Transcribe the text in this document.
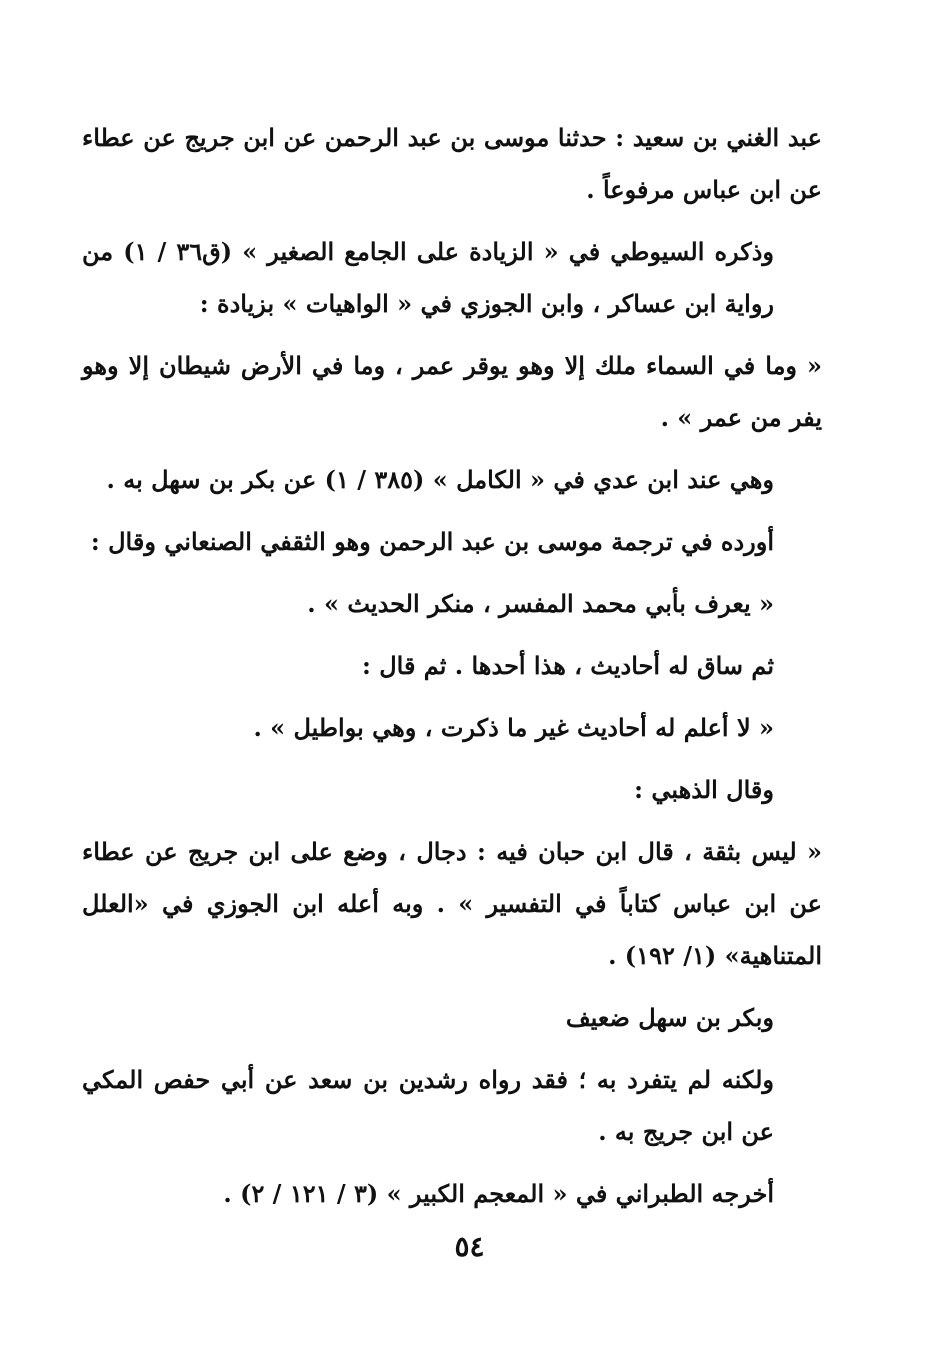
عبد الغني بن سعيد : حدثنا موسى بن عبد الرحمن عن ابن جريج عن عطاء عن ابن عباس مرفوعاً .

وذكره السيوطي في « الزيادة على الجامع الصغير » (ق٣٦ / ١) من رواية ابن عساكر ، وابن الجوزي في « الواهيات » بزيادة :

« وما في السماء ملك إلا وهو يوقر عمر ، وما في الأرض شيطان إلا وهو يفر من عمر » .

وهي عند ابن عدي في « الكامل » (٣٨٥ / ١) عن بكر بن سهل به .

أورده في ترجمة موسى بن عبد الرحمن وهو الثقفي الصنعاني وقال :

« يعرف بأبي محمد المفسر ، منكر الحديث » .

ثم ساق له أحاديث ، هذا أحدها . ثم قال :

« لا أعلم له أحاديث غير ما ذكرت ، وهي بواطيل » .

وقال الذهبي :

« ليس بثقة ، قال ابن حبان فيه : دجال ، وضع على ابن جريج عن عطاء عن ابن عباس كتاباً في التفسير » . وبه أعله ابن الجوزي في «العلل المتناهية» (١/ ١٩٢) .

وبكر بن سهل ضعيف

ولكنه لم يتفرد به ؛ فقد رواه رشدين بن سعد عن أبي حفص المكي عن ابن جريج به .

أخرجه الطبراني في « المعجم الكبير » (٣ / ١٢١ / ٢) .

٥٤
